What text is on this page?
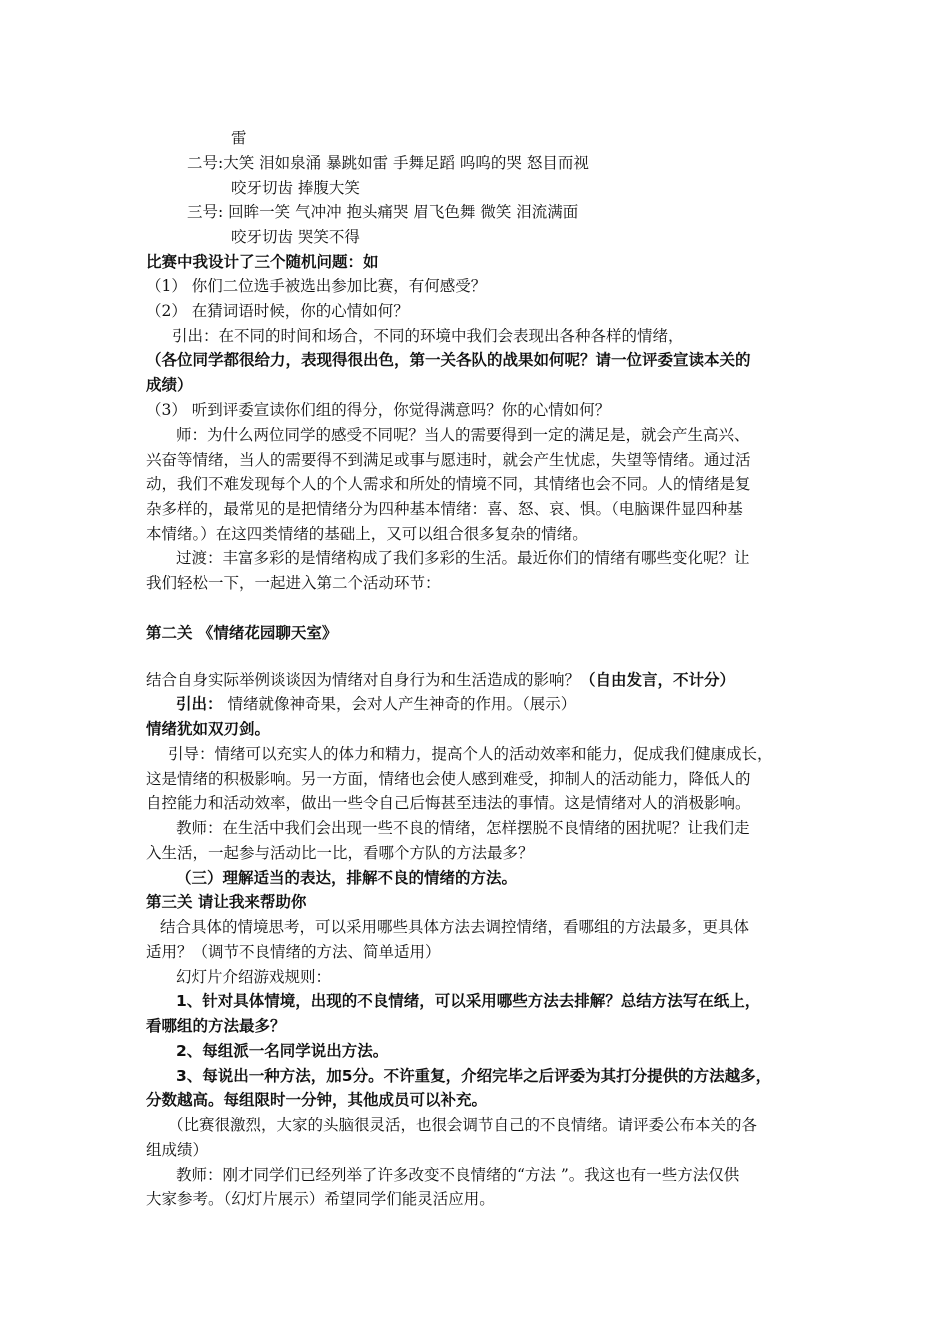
雷
二号:大笑 泪如泉涌 暴跳如雷 手舞足蹈 呜呜的哭 怒目而视
咬牙切齿 捧腹大笑
三号: 回眸一笑 气冲冲 抱头痛哭 眉飞色舞 微笑 泪流满面
咬牙切齿 哭笑不得
比赛中我设计了三个随机问题：如
（1） 你们二位选手被选出参加比赛，有何感受？
（2） 在猜词语时候，你的心情如何？
引出：在不同的时间和场合，不同的环境中我们会表现出各种各样的情绪，
（各位同学都很给力，表现得很出色，第一关各队的战果如何呢？请一位评委宣读本关的
成绩）
（3） 听到评委宣读你们组的得分，你觉得满意吗？你的心情如何？
师：为什么两位同学的感受不同呢？当人的需要得到一定的满足是，就会产生高兴、
兴奋等情绪，当人的需要得不到满足或事与愿违时，就会产生忧虑，失望等情绪。通过活
动，我们不难发现每个人的个人需求和所处的情境不同，其情绪也会不同。人的情绪是复
杂多样的，最常见的是把情绪分为四种基本情绪：喜、怒、哀、惧。（电脑课件显四种基
本情绪。）在这四类情绪的基础上，又可以组合很多复杂的情绪。
过渡：丰富多彩的是情绪构成了我们多彩的生活。最近你们的情绪有哪些变化呢？让
我们轻松一下，一起进入第二个活动环节：
第二关 《情绪花园聊天室》
结合自身实际举例谈谈因为情绪对自身行为和生活造成的影响？（自由发言，不计分）
引出： 情绪就像神奇果，会对人产生神奇的作用。（展示）
情绪犹如双刃剑。
引导：情绪可以充实人的体力和精力，提高个人的活动效率和能力，促成我们健康成长，
这是情绪的积极影响。另一方面，情绪也会使人感到难受，抑制人的活动能力，降低人的
自控能力和活动效率，做出一些令自己后悔甚至违法的事情。这是情绪对人的消极影响。
教师：在生活中我们会出现一些不良的情绪，怎样摆脱不良情绪的困扰呢？让我们走
入生活，一起参与活动比一比，看哪个方队的方法最多？
（三）理解适当的表达，排解不良的情绪的方法。
第三关 请让我来帮助你
结合具体的情境思考，可以采用哪些具体方法去调控情绪，看哪组的方法最多，更具体
适用？（调节不良情绪的方法、简单适用）
幻灯片介绍游戏规则：
1、针对具体情境，出现的不良情绪，可以采用哪些方法去排解？总结方法写在纸上，
看哪组的方法最多？
2、每组派一名同学说出方法。
3、每说出一种方法，加5分。不许重复，介绍完毕之后评委为其打分提供的方法越多，
分数越高。每组限时一分钟，其他成员可以补充。
（比赛很激烈，大家的头脑很灵活，也很会调节自己的不良情绪。请评委公布本关的各
组成绩）
教师：刚才同学们已经列举了许多改变不良情绪的“方法 ”。我这也有一些方法仅供
大家参考。（幻灯片展示）希望同学们能灵活应用。
